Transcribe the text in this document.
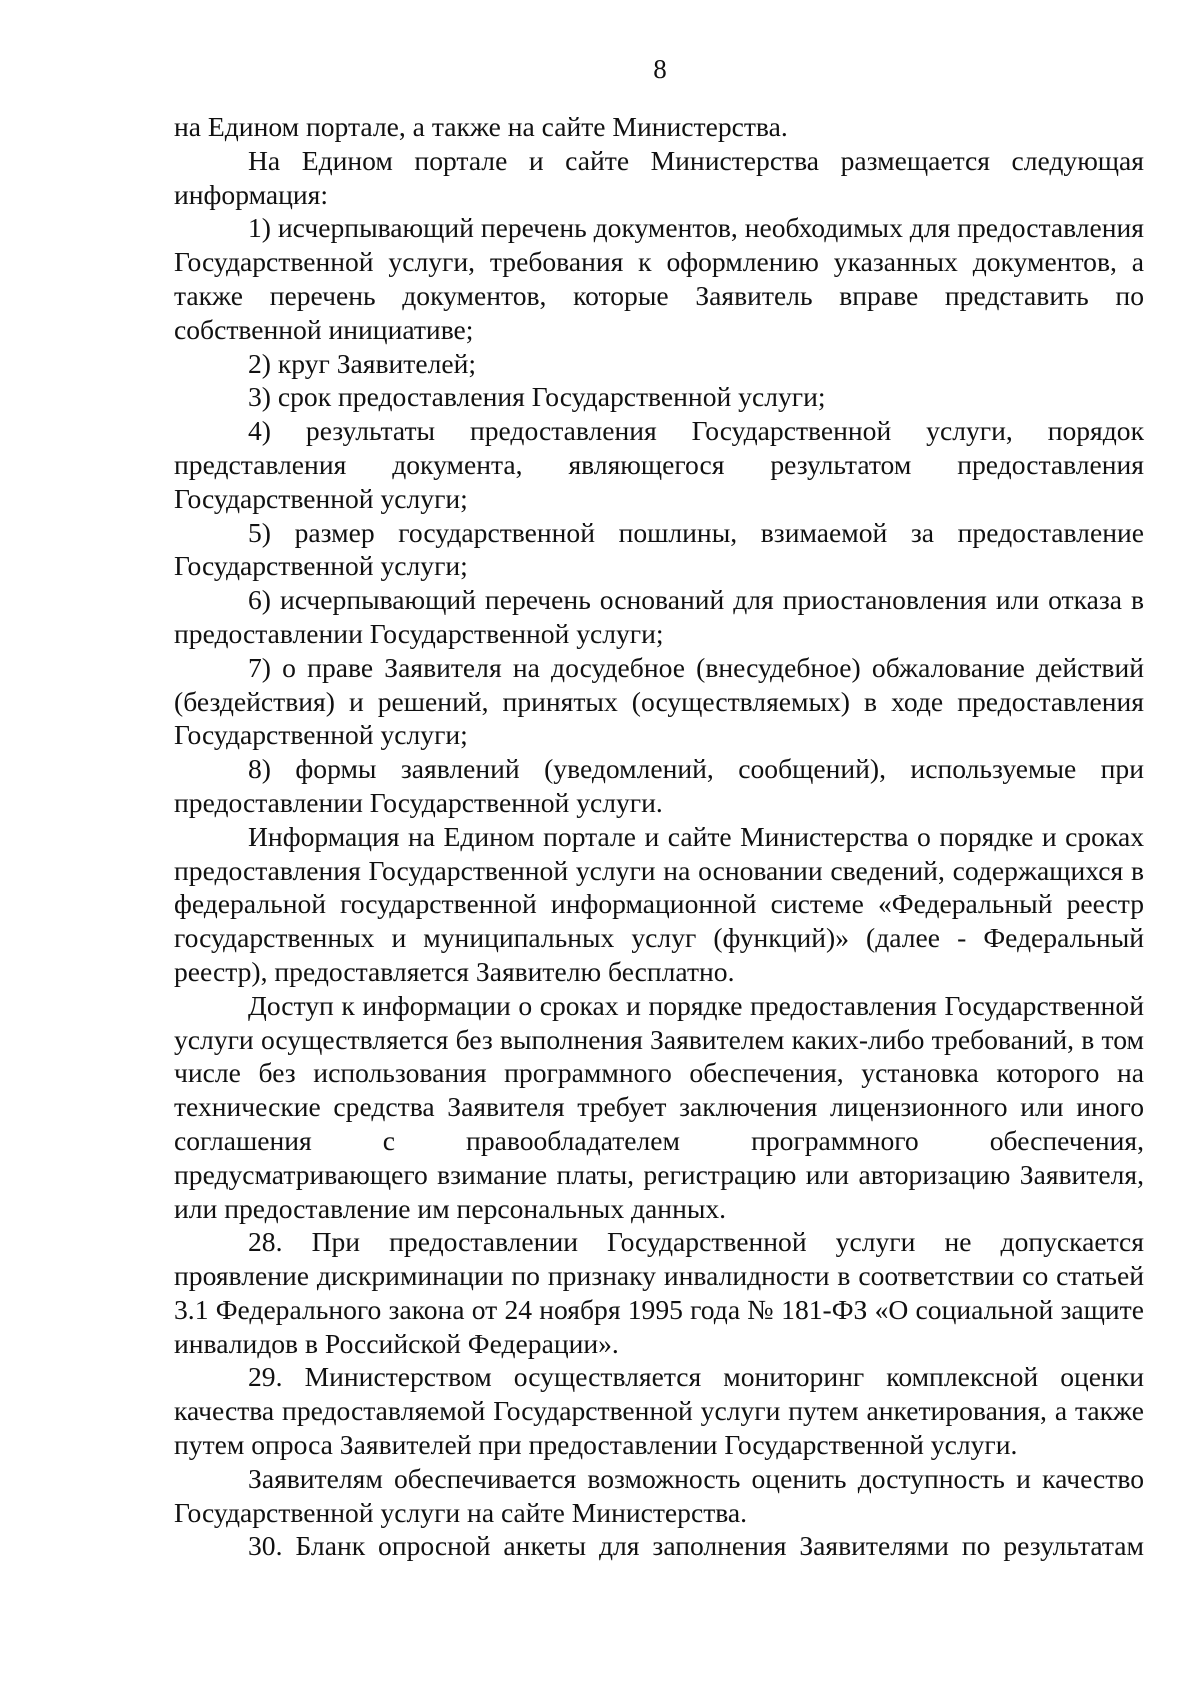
8

на Едином портале, а также на сайте Министерства.

На Едином портале и сайте Министерства размещается следующая информация:

1) исчерпывающий перечень документов, необходимых для предоставления Государственной услуги, требования к оформлению указанных документов, а также перечень документов, которые Заявитель вправе представить по собственной инициативе;

2) круг Заявителей;

3) срок предоставления Государственной услуги;

4) результаты предоставления Государственной услуги, порядок представления документа, являющегося результатом предоставления Государственной услуги;

5) размер государственной пошлины, взимаемой за предоставление Государственной услуги;

6) исчерпывающий перечень оснований для приостановления или отказа в предоставлении Государственной услуги;

7) о праве Заявителя на досудебное (внесудебное) обжалование действий (бездействия) и решений, принятых (осуществляемых) в ходе предоставления Государственной услуги;

8) формы заявлений (уведомлений, сообщений), используемые при предоставлении Государственной услуги.

Информация на Едином портале и сайте Министерства о порядке и сроках предоставления Государственной услуги на основании сведений, содержащихся в федеральной государственной информационной системе «Федеральный реестр государственных и муниципальных услуг (функций)» (далее - Федеральный реестр), предоставляется Заявителю бесплатно.

Доступ к информации о сроках и порядке предоставления Государственной услуги осуществляется без выполнения Заявителем каких-либо требований, в том числе без использования программного обеспечения, установка которого на технические средства Заявителя требует заключения лицензионного или иного соглашения с правообладателем программного обеспечения, предусматривающего взимание платы, регистрацию или авторизацию Заявителя, или предоставление им персональных данных.

28. При предоставлении Государственной услуги не допускается проявление дискриминации по признаку инвалидности в соответствии со статьей 3.1 Федерального закона от 24 ноября 1995 года № 181-ФЗ «О социальной защите инвалидов в Российской Федерации».

29. Министерством осуществляется мониторинг комплексной оценки качества предоставляемой Государственной услуги путем анкетирования, а также путем опроса Заявителей при предоставлении Государственной услуги.

Заявителям обеспечивается возможность оценить доступность и качество Государственной услуги на сайте Министерства.

30. Бланк опросной анкеты для заполнения Заявителями по результатам
